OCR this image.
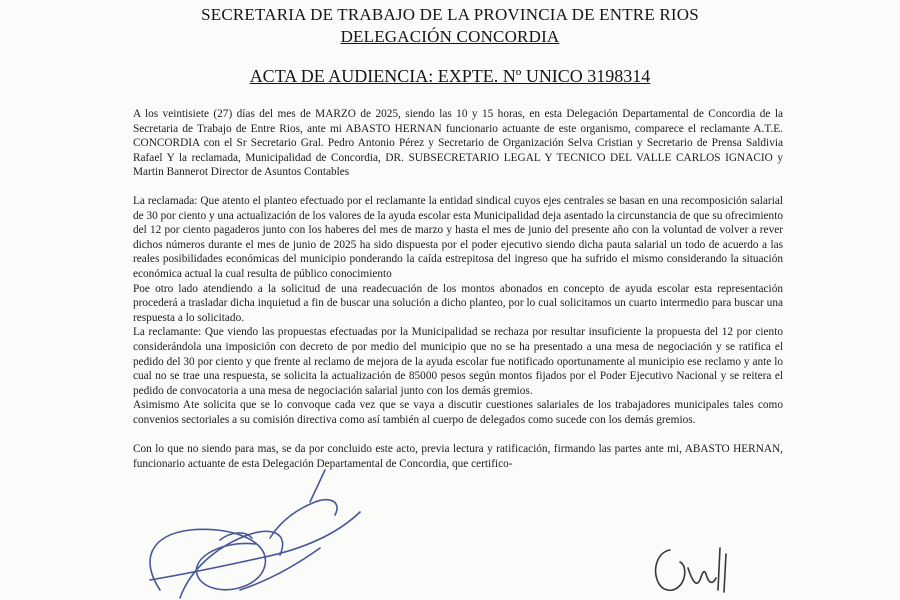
SECRETARIA DE TRABAJO DE LA PROVINCIA DE ENTRE RIOS
DELEGACIÓN CONCORDIA
ACTA DE AUDIENCIA: EXPTE. Nº UNICO 3198314

A los veintisiete (27) días del mes de MARZO de 2025, siendo las 10 y 15 horas, en esta Delegación Departamental de Concordia de la Secretaria de Trabajo de Entre Rios, ante mi ABASTO HERNAN funcionario actuante de este organismo, comparece el reclamante A.T.E. CONCORDIA con el Sr Secretario Gral. Pedro Antonio Pérez y Secretario de Organización Selva Cristian y Secretario de Prensa Saldivia Rafael Y la reclamada, Municipalidad de Concordia, DR. SUBSECRETARIO LEGAL Y TECNICO DEL VALLE CARLOS IGNACIO y Martin Bannerot Director de Asuntos Contables

La reclamada: Que atento el planteo efectuado por el reclamante la entidad sindical cuyos ejes centrales se basan en una recomposición salarial de 30 por ciento y una actualización de los valores de la ayuda escolar esta Municipalidad deja asentado la circunstancia de que su ofrecimiento del 12 por ciento pagaderos junto con los haberes del mes de marzo y hasta el mes de junio del presente año con la voluntad de volver a rever dichos números durante el mes de junio de 2025 ha sido dispuesta por el poder ejecutivo siendo dicha pauta salarial un todo de acuerdo a las reales posibilidades económicas del municipio ponderando la caída estrepitosa del ingreso que ha sufrido el mismo considerando la situación económica actual la cual resulta de público conocimiento

Poe otro lado atendiendo a la solicitud de una readecuación de los montos abonados en concepto de ayuda escolar esta representación procederá a trasladar dicha inquietud a fin de buscar una solución a dicho planteo, por lo cual solicitamos un cuarto intermedio para buscar una respuesta a lo solicitado.

La reclamante: Que viendo las propuestas efectuadas por la Municipalidad se rechaza por resultar insuficiente la propuesta del 12 por ciento considerándola una imposición con decreto de por medio del municipio que no se ha presentado a una mesa de negociación y se ratifica el pedido del 30 por ciento y que frente al reclamo de mejora de la ayuda escolar fue notificado oportunamente al municipio ese reclamo y ante lo cual no se trae una respuesta, se solicita la actualización de 85000 pesos según montos fijados por el Poder Ejecutivo Nacional y se reitera el pedido de convocatoria a una mesa de negociación salarial junto con los demás gremios.

Asimismo Ate solicita que se lo convoque cada vez que se vaya a discutir cuestiones salariales de los trabajadores municipales tales como convenios sectoriales a su comisión directiva como así también al cuerpo de delegados como sucede con los demás gremios.

Con lo que no siendo para mas, se da por concluido este acto, previa lectura y ratificación, firmando las partes ante mi, ABASTO HERNAN, funcionario actuante de esta Delegación Departamental de Concordia, que certifico-
